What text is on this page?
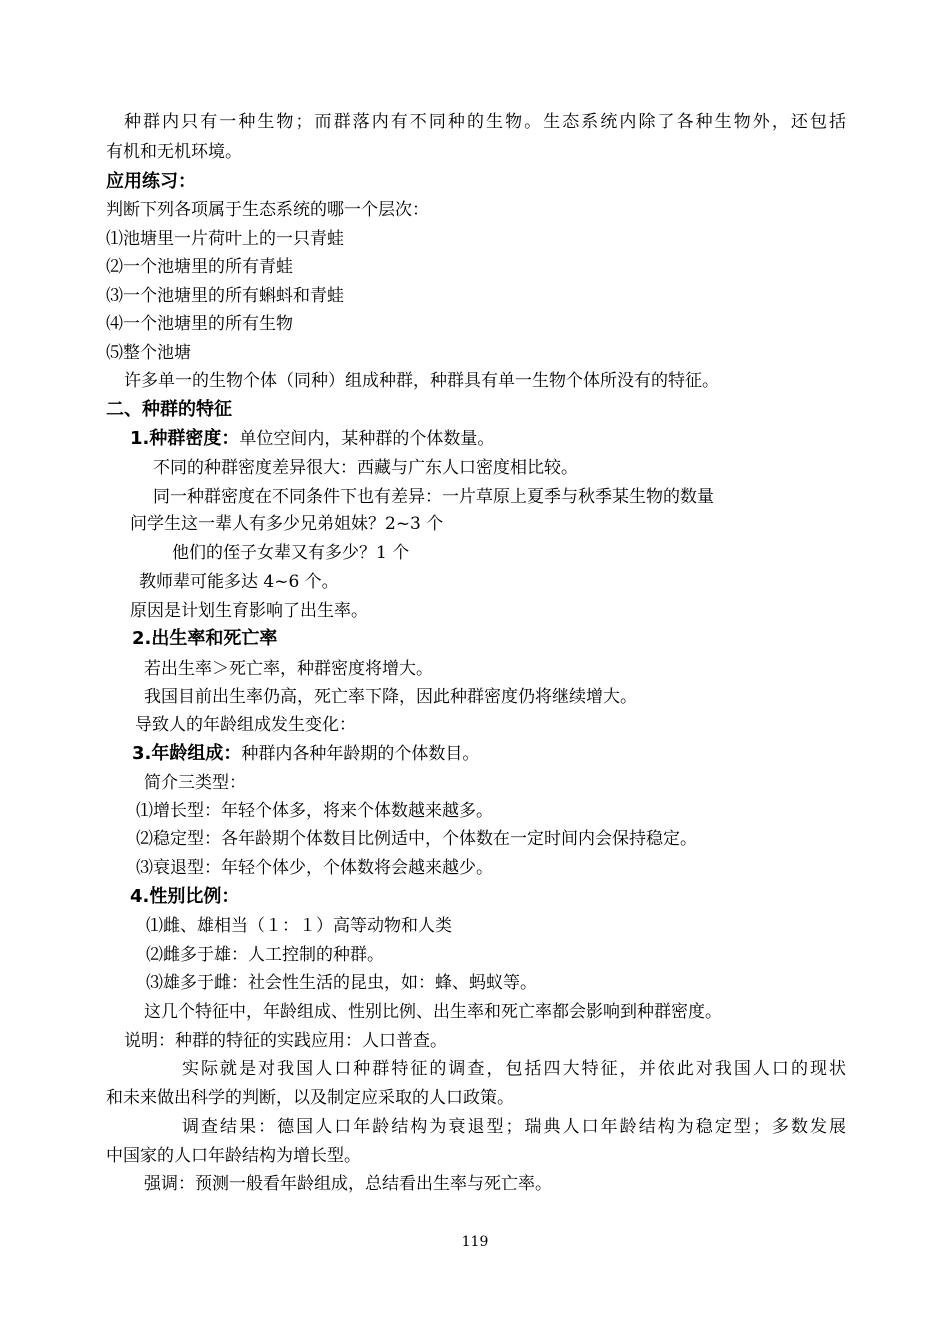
种群内只有一种生物；而群落内有不同种的生物。生态系统内除了各种生物外，还包括
有机和无机环境。
应用练习：
判断下列各项属于生态系统的哪一个层次：
⑴池塘里一片荷叶上的一只青蛙
⑵一个池塘里的所有青蛙
⑶一个池塘里的所有蝌蚪和青蛙
⑷一个池塘里的所有生物
⑸整个池塘
许多单一的生物个体（同种）组成种群，种群具有单一生物个体所没有的特征。
二、种群的特征
1.种群密度：单位空间内，某种群的个体数量。
不同的种群密度差异很大：西藏与广东人口密度相比较。
同一种群密度在不同条件下也有差异：一片草原上夏季与秋季某生物的数量
问学生这一辈人有多少兄弟姐妹？2~3 个
他们的侄子女辈又有多少？1 个
教师辈可能多达 4~6 个。
原因是计划生育影响了出生率。
2.出生率和死亡率
若出生率＞死亡率，种群密度将增大。
我国目前出生率仍高，死亡率下降，因此种群密度仍将继续增大。
导致人的年龄组成发生变化：
3.年龄组成：种群内各种年龄期的个体数目。
简介三类型：
⑴增长型：年轻个体多，将来个体数越来越多。
⑵稳定型：各年龄期个体数目比例适中，个体数在一定时间内会保持稳定。
⑶衰退型：年轻个体少，个体数将会越来越少。
4.性别比例：
⑴雌、雄相当（１：１）高等动物和人类
⑵雌多于雄：人工控制的种群。
⑶雄多于雌：社会性生活的昆虫，如：蜂、蚂蚁等。
这几个特征中，年龄组成、性别比例、出生率和死亡率都会影响到种群密度。
说明：种群的特征的实践应用：人口普查。
实际就是对我国人口种群特征的调查，包括四大特征，并依此对我国人口的现状
和未来做出科学的判断，以及制定应采取的人口政策。
调查结果：德国人口年龄结构为衰退型；瑞典人口年龄结构为稳定型；多数发展
中国家的人口年龄结构为增长型。
强调：预测一般看年龄组成，总结看出生率与死亡率。
119
